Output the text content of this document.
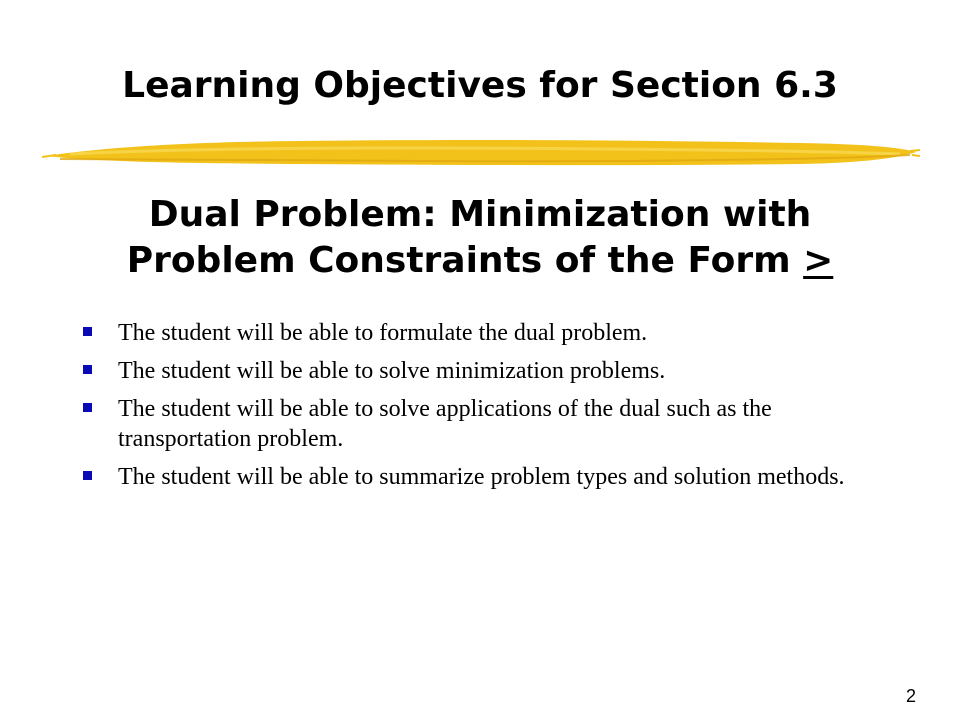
Learning Objectives for Section 6.3
Dual Problem: Minimization with
Problem Constraints of the Form >
The student will be able to formulate the dual problem.
The student will be able to solve minimization problems.
The student will be able to solve applications of the dual such as the transportation problem.
The student will be able to summarize problem types and solution methods.
2
